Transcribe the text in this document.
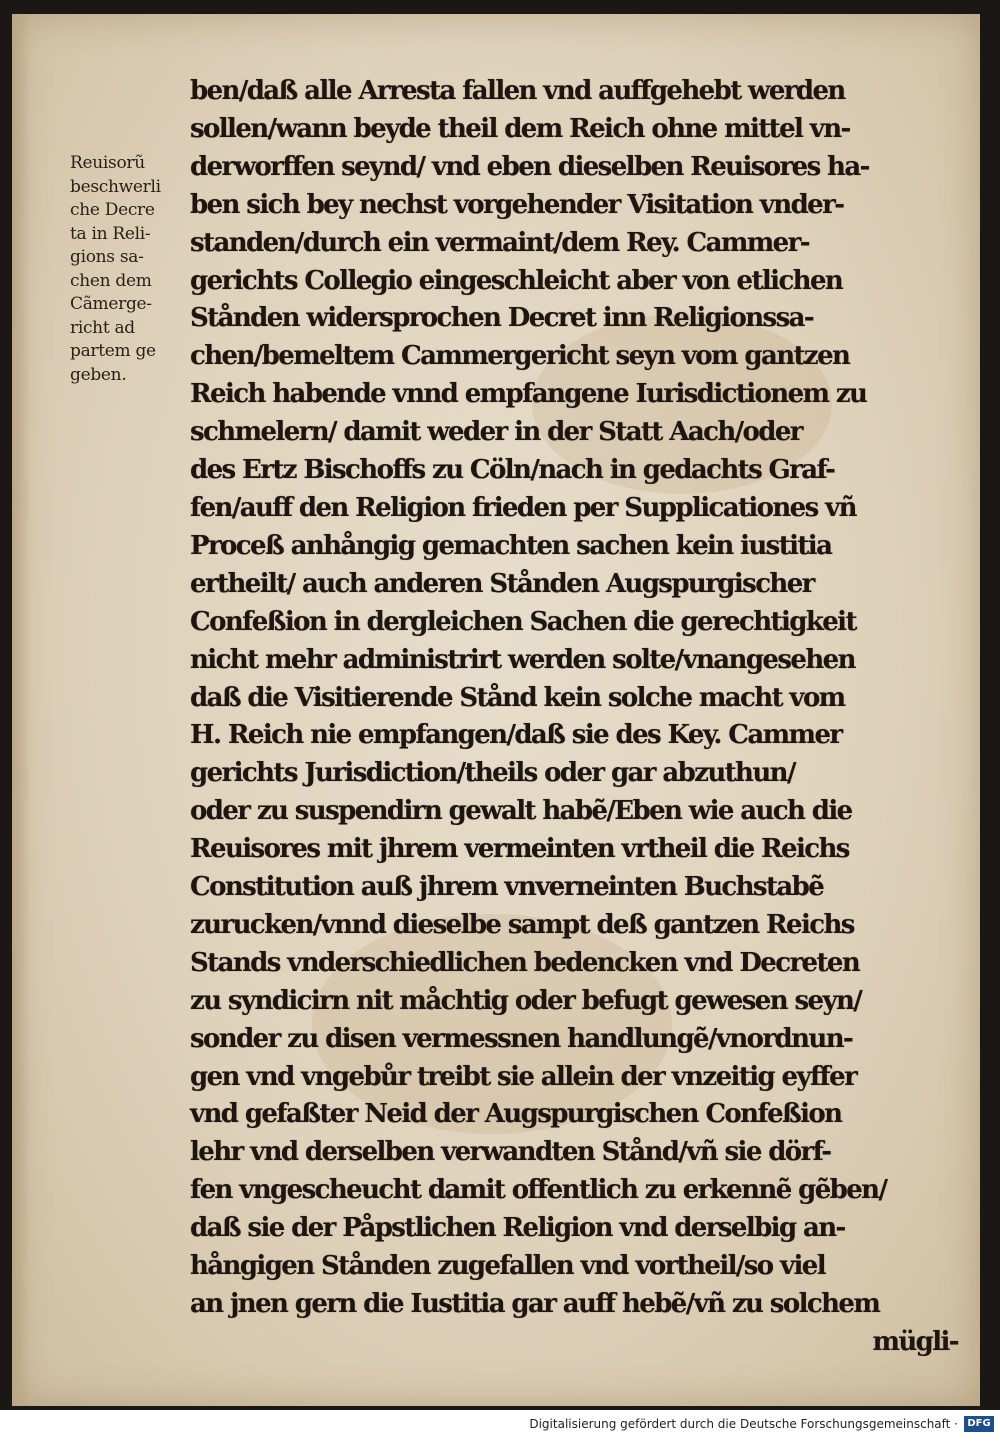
Reuisorũ
beschwerli
che Decre
ta in Reli-
gions sa-
chen dem
Cãmerge-
richt ad
partem ge
geben.
ben/daß alle Arresta fallen vnd auffgehebt werden
sollen/wann beyde theil dem Reich ohne mittel vn-
derworffen seynd/ vnd eben dieselben Reuisores ha-
ben sich bey nechst vorgehender Visitation vnder-
standen/durch ein vermaint/dem Rey. Cammer-
gerichts Collegio eingeschleicht aber von etlichen
Stånden widersprochen Decret inn Religionssa-
chen/bemeltem Cammergericht seyn vom gantzen
Reich habende vnnd empfangene Iurisdictionem zu
schmelern/ damit weder in der Statt Aach/oder
des Ertz Bischoffs zu Cöln/nach in gedachts Graf-
fen/auff den Religion frieden per Supplicationes vñ
Proceß anhångig gemachten sachen kein iustitia
ertheilt/ auch anderen Stånden Augspurgischer
Confeßion in dergleichen Sachen die gerechtigkeit
nicht mehr administrirt werden solte/vnangesehen
daß die Visitierende Stånd kein solche macht vom
H. Reich nie empfangen/daß sie des Key. Cammer
gerichts Jurisdiction/theils oder gar abzuthun/
oder zu suspendirn gewalt habẽ/Eben wie auch die
Reuisores mit jhrem vermeinten vrtheil die Reichs
Constitution auß jhrem vnverneinten Buchstabẽ
zurucken/vnnd dieselbe sampt deß gantzen Reichs
Stands vnderschiedlichen bedencken vnd Decreten
zu syndicirn nit måchtig oder befugt gewesen seyn/
sonder zu disen vermessnen handlungẽ/vnordnun-
gen vnd vngebůr treibt sie allein der vnzeitig eyffer
vnd gefaßter Neid der Augspurgischen Confeßion
lehr vnd derselben verwandten Stånd/vñ sie dörf-
fen vngescheucht damit offentlich zu erkennẽ gẽben/
daß sie der Påpstlichen Religion vnd derselbig an-
hångigen Stånden zugefallen vnd vortheil/so viel
an jnen gern die Iustitia gar auff hebẽ/vñ zu solchem
mügli-
Digitalisierung gefördert durch die Deutsche Forschungsgemeinschaft · DFG
